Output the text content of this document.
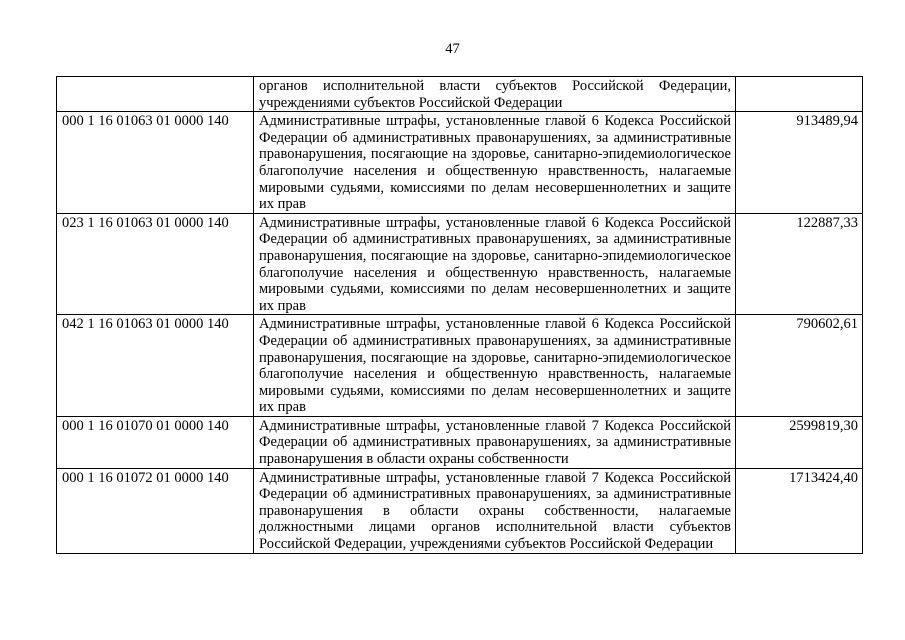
47
	органов исполнительной власти субъектов Российской Федерации, учреждениями субъектов Российской Федерации	
000 1 16 01063 01 0000 140	Административные штрафы, установленные главой 6 Кодекса Российской Федерации об административных правонарушениях, за административные правонарушения, посягающие на здоровье, санитарно-эпидемиологическое благополучие населения и общественную нравственность, налагаемые мировыми судьями, комиссиями по делам несовершеннолетних и защите их прав	913489,94
023 1 16 01063 01 0000 140	Административные штрафы, установленные главой 6 Кодекса Российской Федерации об административных правонарушениях, за административные правонарушения, посягающие на здоровье, санитарно-эпидемиологическое благополучие населения и общественную нравственность, налагаемые мировыми судьями, комиссиями по делам несовершеннолетних и защите их прав	122887,33
042 1 16 01063 01 0000 140	Административные штрафы, установленные главой 6 Кодекса Российской Федерации об административных правонарушениях, за административные правонарушения, посягающие на здоровье, санитарно-эпидемиологическое благополучие населения и общественную нравственность, налагаемые мировыми судьями, комиссиями по делам несовершеннолетних и защите их прав	790602,61
000 1 16 01070 01 0000 140	Административные штрафы, установленные главой 7 Кодекса Российской Федерации об административных правонарушениях, за административные правонарушения в области охраны собственности	2599819,30
000 1 16 01072 01 0000 140	Административные штрафы, установленные главой 7 Кодекса Российской Федерации об административных правонарушениях, за административные правонарушения в области охраны собственности, налагаемые должностными лицами органов исполнительной власти субъектов Российской Федерации, учреждениями субъектов Российской Федерации	1713424,40
